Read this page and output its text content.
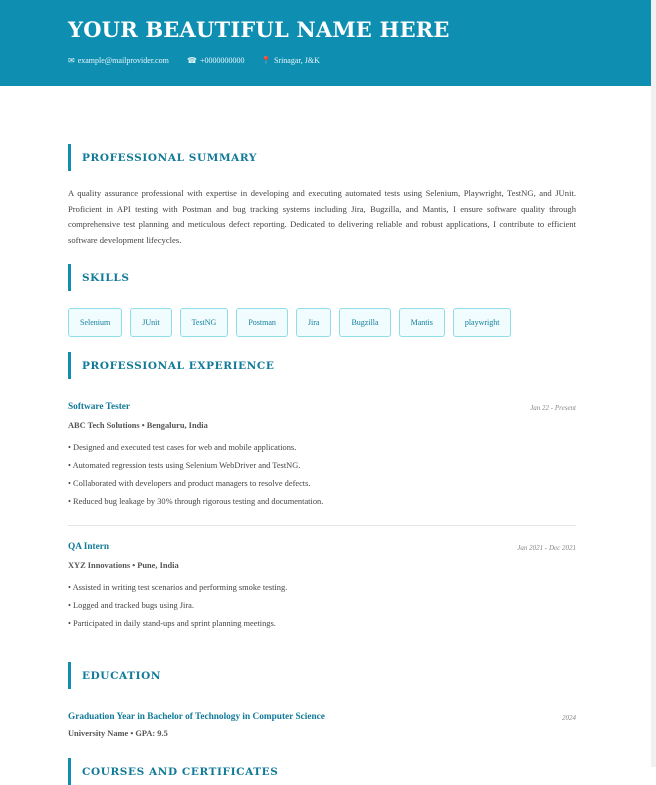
YOUR BEAUTIFUL NAME HERE
✉ example@mailprovider.com ☎ +0000000000 📍 Srinagar, J&K
PROFESSIONAL SUMMARY

A quality assurance professional with expertise in developing and executing automated tests using Selenium, Playwright, TestNG, and JUnit. Proficient in API testing with Postman and bug tracking systems including Jira, Bugzilla, and Mantis, I ensure software quality through comprehensive test planning and meticulous defect reporting. Dedicated to delivering reliable and robust applications, I contribute to efficient software development lifecycles.

SKILLS
Selenium	JUnit	TestNG	Postman	Jira	Bugzilla	Mantis	playwright
PROFESSIONAL EXPERIENCE
Software Tester	Jan 22 - Present
ABC Tech Solutions • Bengaluru, India
• Designed and executed test cases for web and mobile applications.
• Automated regression tests using Selenium WebDriver and TestNG.
• Collaborated with developers and product managers to resolve defects.
• Reduced bug leakage by 30% through rigorous testing and documentation.
QA Intern	Jan 2021 - Dec 2021
XYZ Innovations • Pune, India
• Assisted in writing test scenarios and performing smoke testing.
• Logged and tracked bugs using Jira.
• Participated in daily stand-ups and sprint planning meetings.
EDUCATION
Graduation Year in Bachelor of Technology in Computer Science	2024
University Name • GPA: 9.5
COURSES AND CERTIFICATES
